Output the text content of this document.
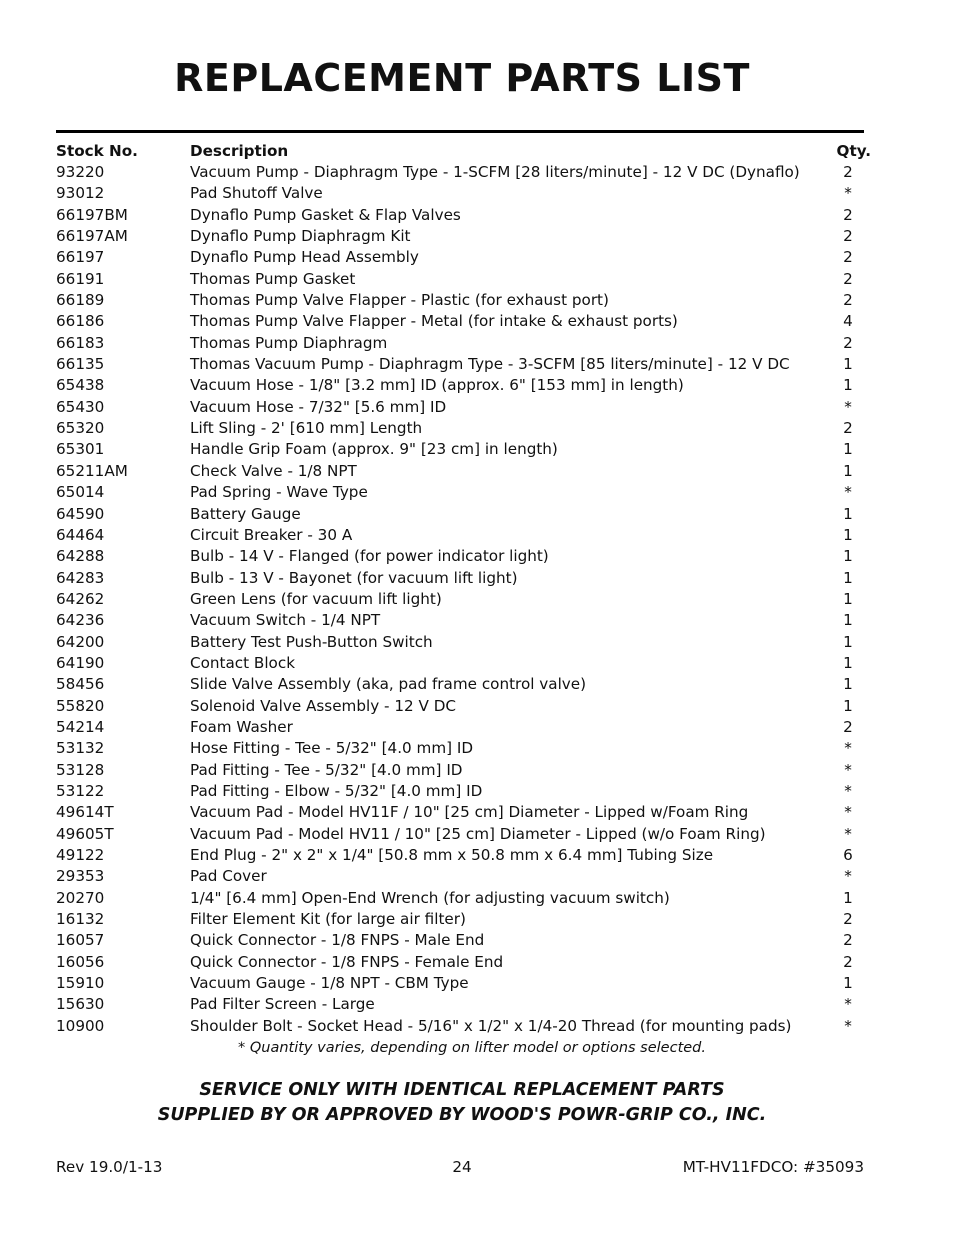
REPLACEMENT PARTS LIST
Stock No.	Description	Qty.
93220	Vacuum Pump - Diaphragm Type - 1-SCFM [28 liters/minute] - 12 V DC (Dynaflo)	2
93012	Pad Shutoff Valve	*
66197BM	Dynaflo Pump Gasket & Flap Valves	2
66197AM	Dynaflo Pump Diaphragm Kit	2
66197	Dynaflo Pump Head Assembly	2
66191	Thomas Pump Gasket	2
66189	Thomas Pump Valve Flapper - Plastic (for exhaust port)	2
66186	Thomas Pump Valve Flapper - Metal (for intake & exhaust ports)	4
66183	Thomas Pump Diaphragm	2
66135	Thomas Vacuum Pump - Diaphragm Type - 3-SCFM [85 liters/minute] - 12 V DC	1
65438	Vacuum Hose - 1/8" [3.2 mm] ID (approx. 6" [153 mm] in length)	1
65430	Vacuum Hose - 7/32" [5.6 mm] ID	*
65320	Lift Sling - 2' [610 mm] Length	2
65301	Handle Grip Foam (approx. 9" [23 cm] in length)	1
65211AM	Check Valve - 1/8 NPT	1
65014	Pad Spring - Wave Type	*
64590	Battery Gauge	1
64464	Circuit Breaker - 30 A	1
64288	Bulb - 14 V - Flanged (for power indicator light)	1
64283	Bulb - 13 V - Bayonet (for vacuum lift light)	1
64262	Green Lens (for vacuum lift light)	1
64236	Vacuum Switch - 1/4 NPT	1
64200	Battery Test Push-Button Switch	1
64190	Contact Block	1
58456	Slide Valve Assembly (aka, pad frame control valve)	1
55820	Solenoid Valve Assembly - 12 V DC	1
54214	Foam Washer	2
53132	Hose Fitting - Tee - 5/32" [4.0 mm] ID	*
53128	Pad Fitting - Tee - 5/32" [4.0 mm] ID	*
53122	Pad Fitting - Elbow - 5/32" [4.0 mm] ID	*
49614T	Vacuum Pad - Model HV11F / 10" [25 cm] Diameter - Lipped w/Foam Ring	*
49605T	Vacuum Pad - Model HV11 / 10" [25 cm] Diameter - Lipped (w/o Foam Ring)	*
49122	End Plug - 2" x 2" x 1/4" [50.8 mm x 50.8 mm x 6.4 mm] Tubing Size	6
29353	Pad Cover	*
20270	1/4" [6.4 mm] Open-End Wrench (for adjusting vacuum switch)	1
16132	Filter Element Kit (for large air filter)	2
16057	Quick Connector - 1/8 FNPS - Male End	2
16056	Quick Connector - 1/8 FNPS - Female End	2
15910	Vacuum Gauge - 1/8 NPT - CBM Type	1
15630	Pad Filter Screen - Large	*
10900	Shoulder Bolt - Socket Head - 5/16" x 1/2" x 1/4-20 Thread (for mounting pads)	*
* Quantity varies, depending on lifter model or options selected.
SERVICE ONLY WITH IDENTICAL REPLACEMENT PARTS
SUPPLIED BY OR APPROVED BY WOOD'S POWR-GRIP CO., INC.
Rev 19.0/1-13	24	MT-HV11FDCO: #35093
